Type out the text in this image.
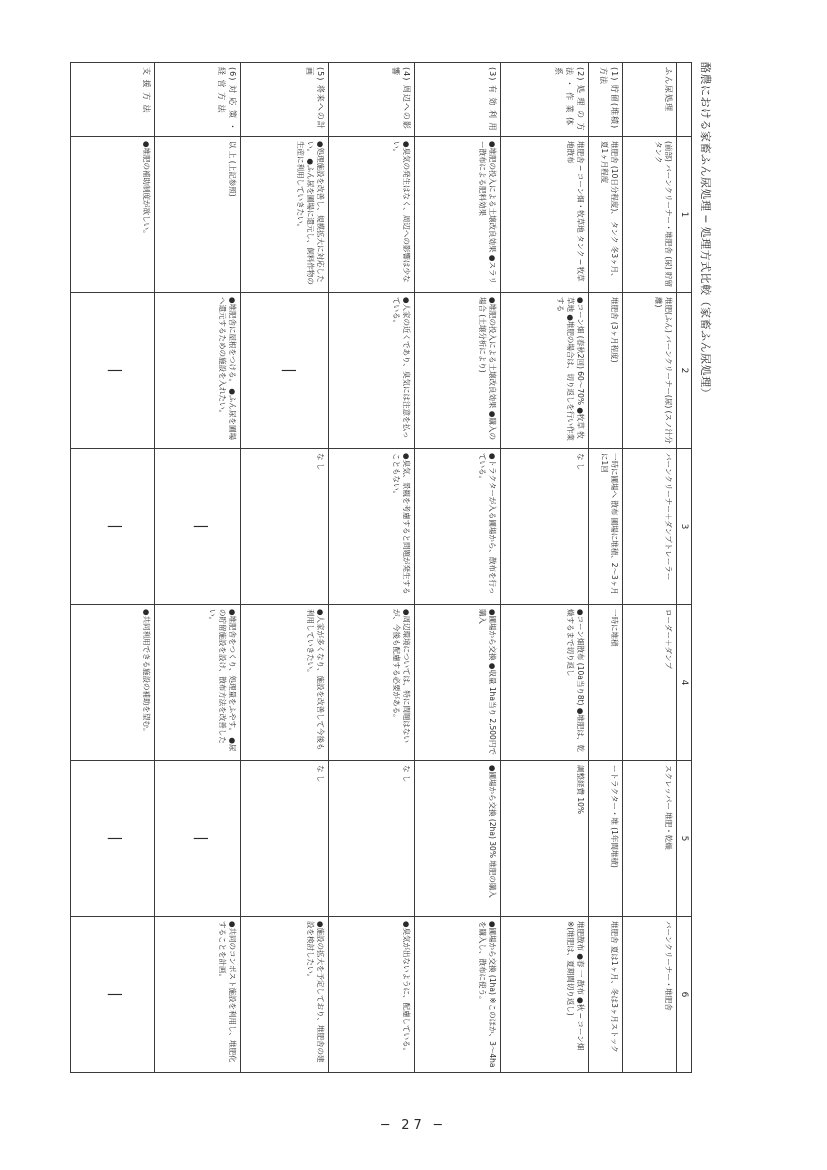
酪農における家畜ふん尿処理 ─ 処理方式比較（家畜ふん尿処理）
	1	2	3	4	5	6
ふん尿処理	(前部) バーンクリーナー・堆肥舎 (尿) 貯留タンク	堆肥(ふん) バーンクリーナー(尿) (スノ汁分離)	バーンクリーナー＋ダンプトレーラー	ローダー＋ダンプ	スクレッパー 堆肥・乾燥	バーンクリーナー・堆肥舎
(1) 貯留(堆積)方法	堆肥舎 (10日分程度)、 タンク 冬3ヶ月、夏1ヶ月程度	堆肥舎 (3ヶ月程度)	一時に圃場へ 散布 圃場に堆積、2〜3ヶ月に1回	一時に堆積	ートラクター・堆 (1年間堆積)	堆肥舎 夏は1ヶ月、冬は3ヶ月ストック
(2) 処 理 の 方 法 ・ 作 業 体 系	堆肥舎 ─ コーン畑・牧草地 タンク ─ 牧草地散布	●コーン畑 (春秋2回) 60〜70% ●牧草 牧草地 ●堆肥の場合は、切り返しを行い作業する	な し	●コーン畑散布 (10a当り8t) ●堆肥は、乾燥するまで切り返し	調整経費 10%	堆肥散布 ●春 一 散布 ●秋 ─ コーン畑 ※(堆肥は、夏期間切り返し)
(3) 有 効 利 用	●堆肥の投入による土壌改良効果 ●スラリー散布による肥料効果	●堆肥の投入による土壌改良効果 ●購入の場合 (土壌分析により)	●トラクターが入る圃場から、散布を行っている。	●圃場から交換 ●収量 1ha当り 2,500円で購入	●圃場から交換 (2ha) 30% 堆肥の購入	●圃場から交換 (1ha) ※このほか、3〜4haを購入し、散布に使う。
(4) 周辺への影響	●臭気の発生はなく、周辺への影響は少ない。	●人家の近くであり、臭気には注意を払っている。	●臭気、景観を考慮すると問題が発生することもない。	●周辺環境については、特に問題はないが、今後も配慮する必要がある。	な し	●臭気が出ないように、配慮している。
(5) 将来への計画	●処理施設を改善し、規模拡大に対応したい。 ●ふん尿を圃場に還元し、飼料作物の生産に利用していきたい。	|	な し	●人家が多くなり、施設を改善して今後も利用していきたい。	な し	●施設の拡大を予定しており、堆肥舎の建設を検討したい。
(6) 対 応 策 ・ 経 営 方 法	以 上 (上記参照)	●堆肥舎に屋根をつける。 ●ふん尿を圃場へ還元するための施設を入れたい。	|	●堆肥舎をつくり、処理量をふやす。 ●尿の貯留施設を設け、散布方法を改善したい。	|	●共同のコンポスト施設を利用し、堆肥化することを計画。
支 援 方 法	●堆肥の補助制度が欲しい。	|	|	●共同利用できる施設の補助を望む。	|	|
─ 27 ─
